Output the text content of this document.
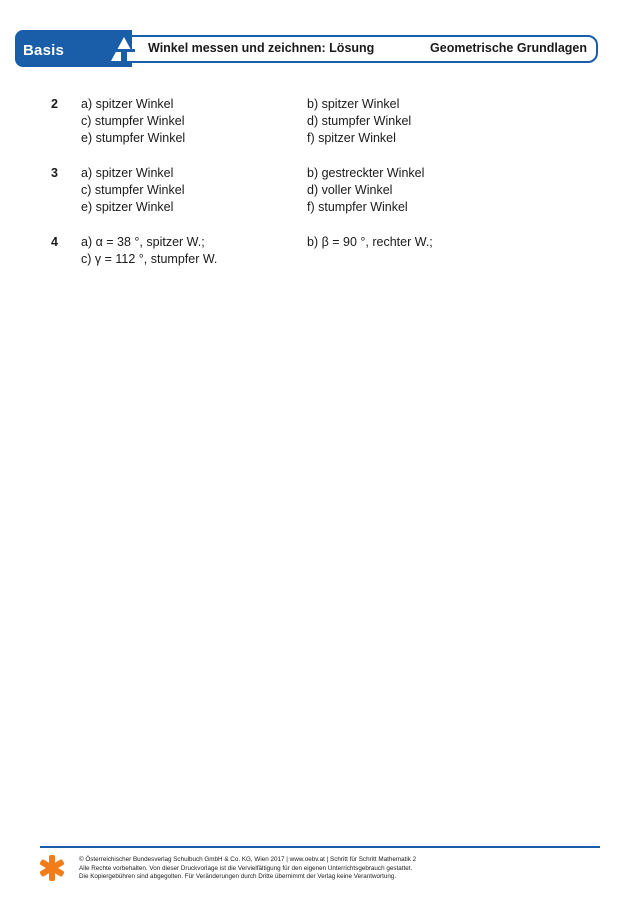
Basis	Winkel messen und zeichnen: Lösung	Geometrische Grundlagen
2 a) spitzer Winkel
c) stumpfer Winkel
e) stumpfer Winkel
b) spitzer Winkel
d) stumpfer Winkel
f) spitzer Winkel
3 a) spitzer Winkel
c) stumpfer Winkel
e) spitzer Winkel
b) gestreckter Winkel
d) voller Winkel
f) stumpfer Winkel
4 a) α = 38 °, spitzer W.;
c) γ = 112 °, stumpfer W.
b) β = 90 °, rechter W.;
© Österreichischer Bundesverlag Schulbuch GmbH & Co. KG, Wien 2017 | www.oebv.at | Schritt für Schritt Mathematik 2
Alle Rechte vorbehalten. Von dieser Druckvorlage ist die Vervielfältigung für den eigenen Unterrichtsgebrauch gestattet.
Die Kopiergebühren sind abgegolten. Für Veränderungen durch Dritte übernimmt der Verlag keine Verantwortung.
